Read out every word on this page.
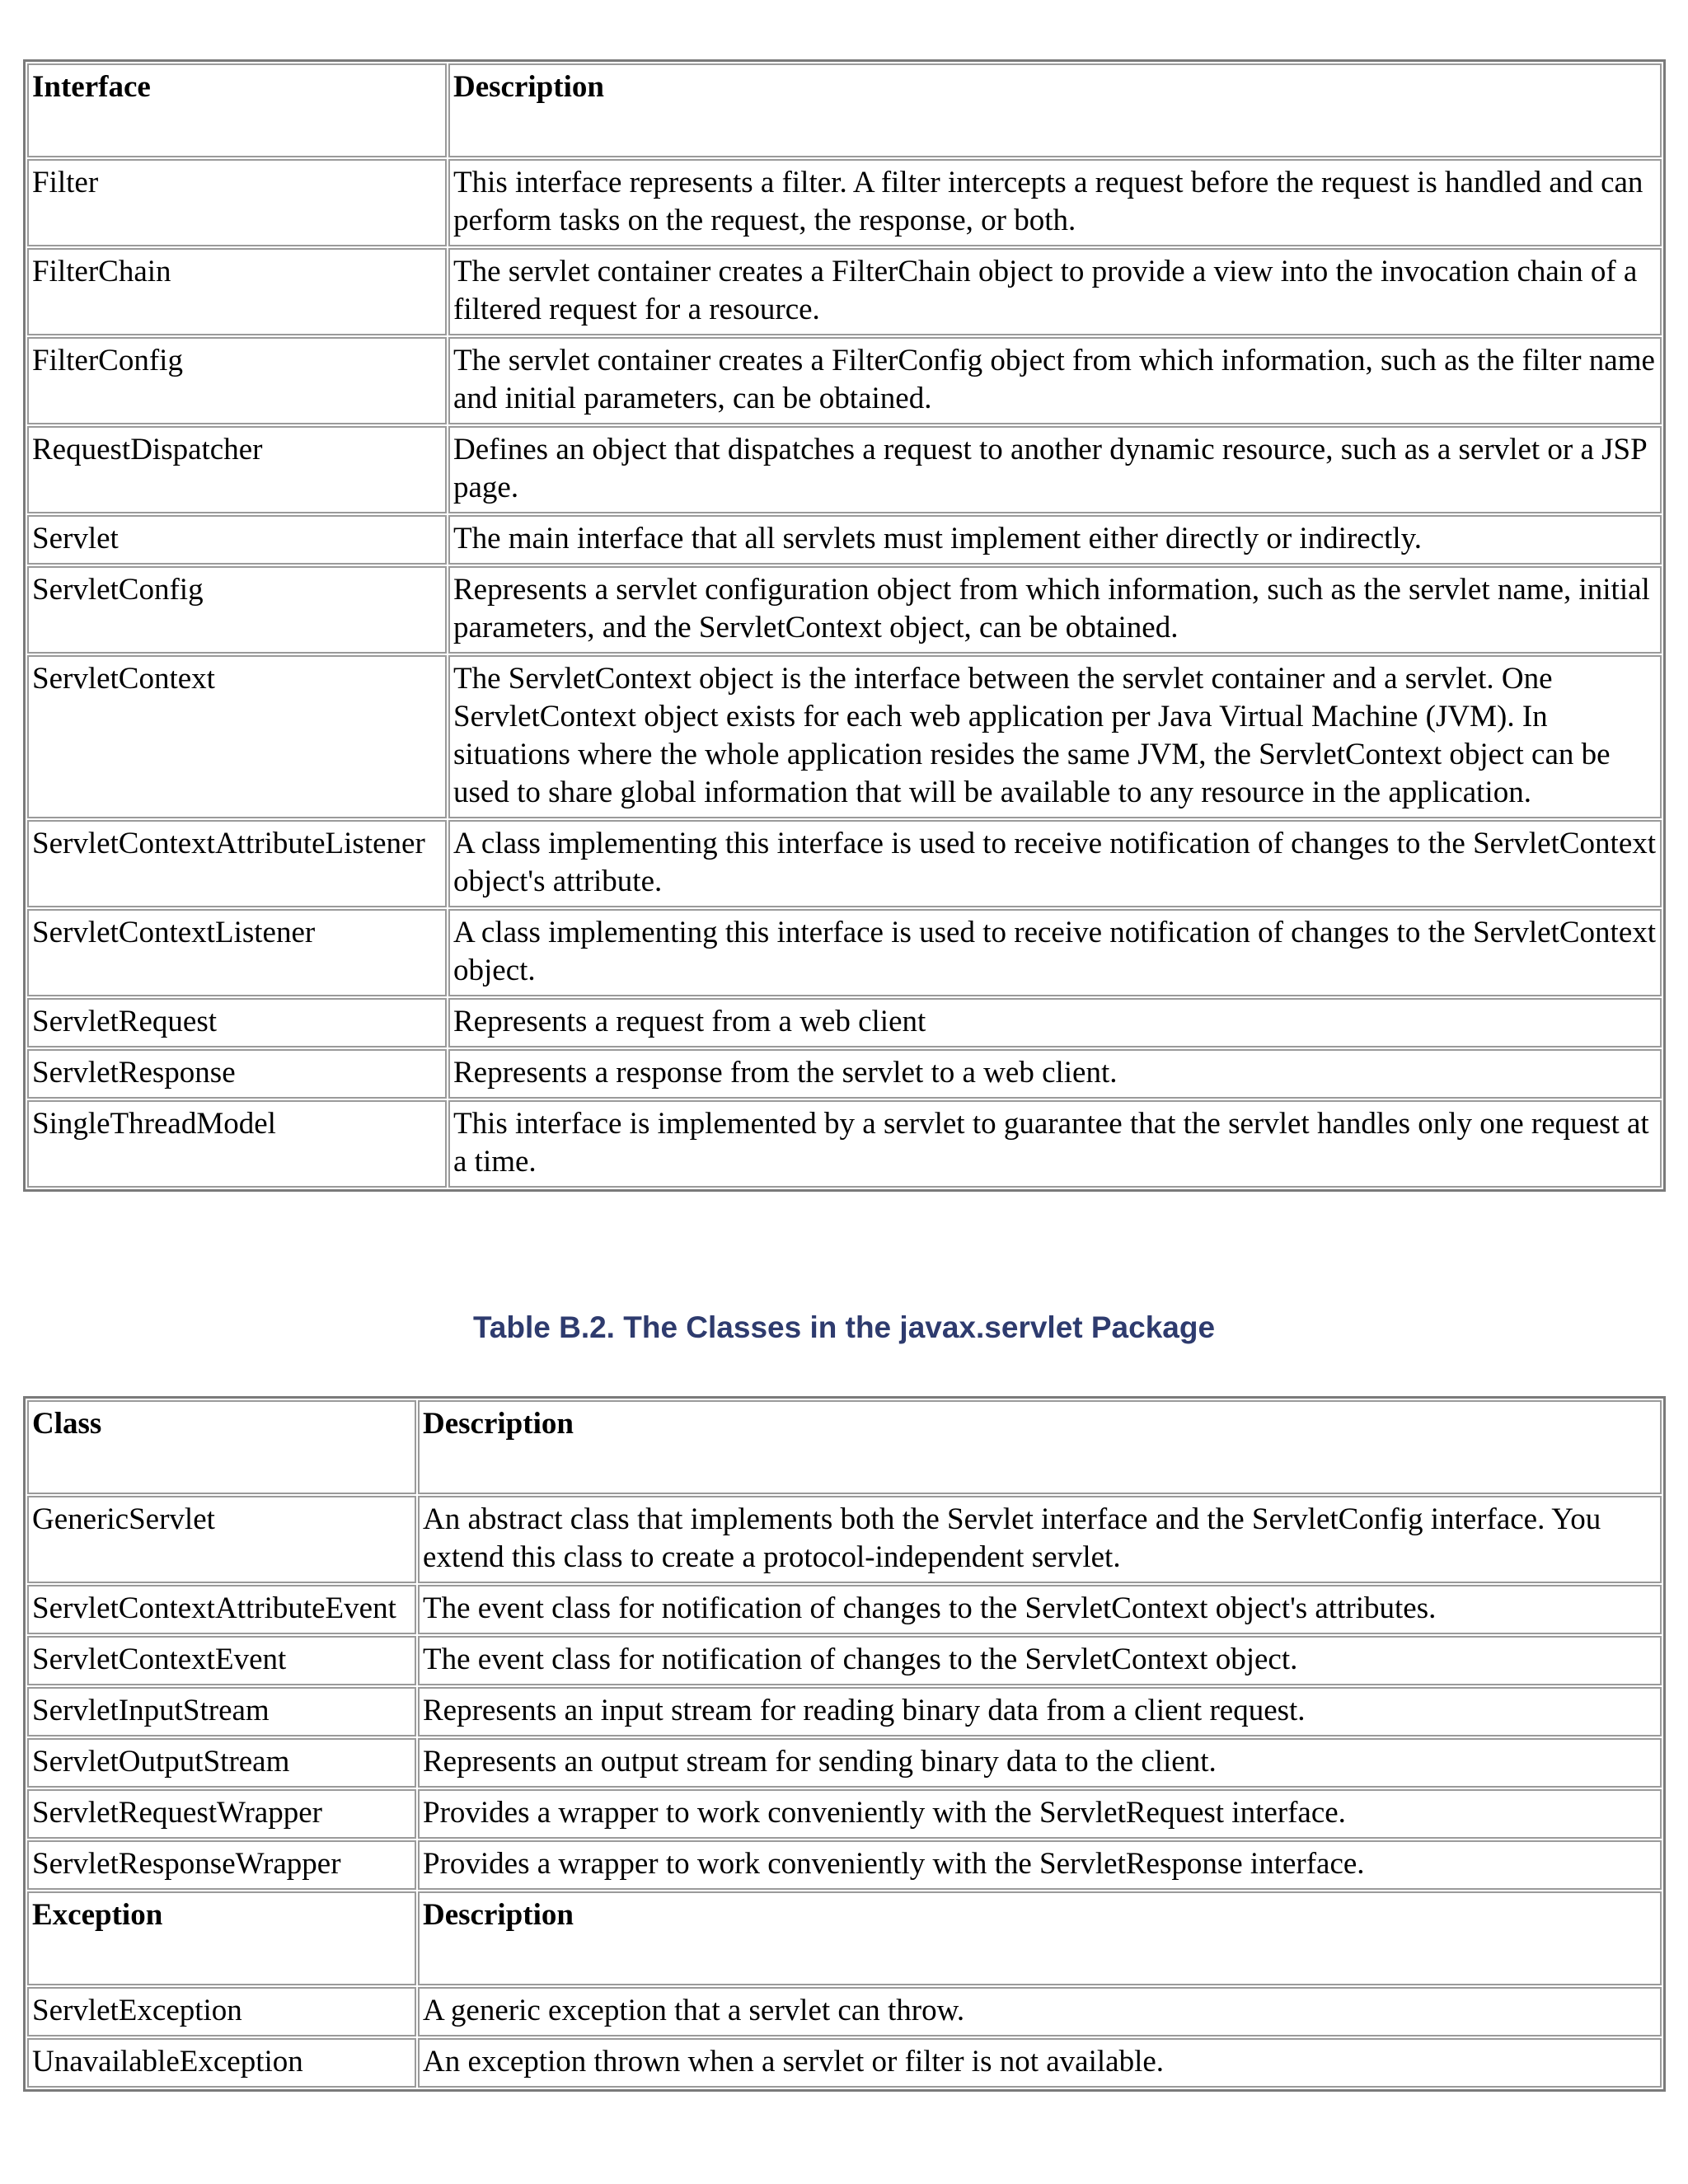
Interface	Description
Filter	This interface represents a filter. A filter intercepts a request before the request is handled and can perform tasks on the request, the response, or both.
FilterChain	The servlet container creates a FilterChain object to provide a view into the invocation chain of a filtered request for a resource.
FilterConfig	The servlet container creates a FilterConfig object from which information, such as the filter name and initial parameters, can be obtained.
RequestDispatcher	Defines an object that dispatches a request to another dynamic resource, such as a servlet or a JSP page.
Servlet	The main interface that all servlets must implement either directly or indirectly.
ServletConfig	Represents a servlet configuration object from which information, such as the servlet name, initial parameters, and the ServletContext object, can be obtained.
ServletContext	The ServletContext object is the interface between the servlet container and a servlet. One ServletContext object exists for each web application per Java Virtual Machine (JVM). In situations where the whole application resides the same JVM, the ServletContext object can be used to share global information that will be available to any resource in the application.
ServletContextAttributeListener	A class implementing this interface is used to receive notification of changes to the ServletContext object's attribute.
ServletContextListener	A class implementing this interface is used to receive notification of changes to the ServletContext object.
ServletRequest	Represents a request from a web client
ServletResponse	Represents a response from the servlet to a web client.
SingleThreadModel	This interface is implemented by a servlet to guarantee that the servlet handles only one request at a time.
Table B.2. The Classes in the javax.servlet Package
Class	Description
GenericServlet	An abstract class that implements both the Servlet interface and the ServletConfig interface. You extend this class to create a protocol-independent servlet.
ServletContextAttributeEvent	The event class for notification of changes to the ServletContext object's attributes.
ServletContextEvent	The event class for notification of changes to the ServletContext object.
ServletInputStream	Represents an input stream for reading binary data from a client request.
ServletOutputStream	Represents an output stream for sending binary data to the client.
ServletRequestWrapper	Provides a wrapper to work conveniently with the ServletRequest interface.
ServletResponseWrapper	Provides a wrapper to work conveniently with the ServletResponse interface.
Exception	Description
ServletException	A generic exception that a servlet can throw.
UnavailableException	An exception thrown when a servlet or filter is not available.
